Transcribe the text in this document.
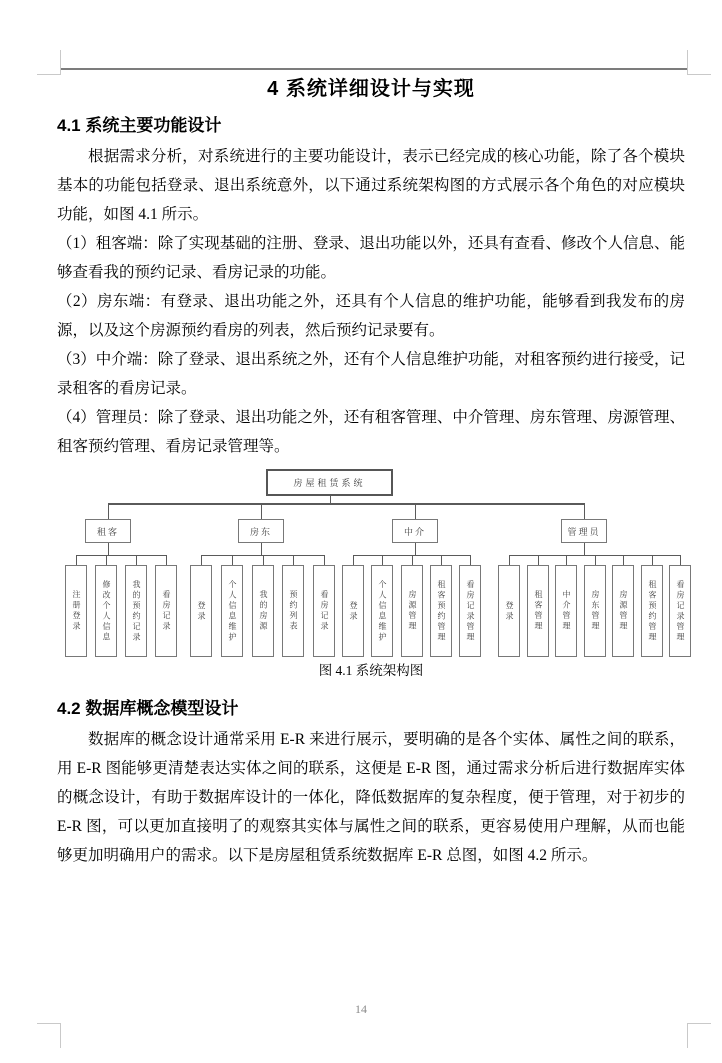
4 系统详细设计与实现
4.1 系统主要功能设计

根据需求分析，对系统进行的主要功能设计，表示已经完成的核心功能，除了各个模块基本的功能包括登录、退出系统意外，以下通过系统架构图的方式展示各个角色的对应模块功能，如图 4.1 所示。

（1）租客端：除了实现基础的注册、登录、退出功能以外，还具有查看、修改个人信息、能够查看我的预约记录、看房记录的功能。

（2）房东端：有登录、退出功能之外，还具有个人信息的维护功能，能够看到我发布的房源，以及这个房源预约看房的列表，然后预约记录要有。

（3）中介端：除了登录、退出系统之外，还有个人信息维护功能，对租客预约进行接受，记录租客的看房记录。

（4）管理员：除了登录、退出功能之外，还有租客管理、中介管理、房东管理、房源管理、租客预约管理、看房记录管理等。

房屋租赁系统
租客
注册登录	修改个人信息	我的预约记录	看房记录
房东
登录	个人信息维护	我的房源	预约列表	看房记录
中介
登录	个人信息维护	房源管理	租客预约管理	看房记录管理
管理员
登录	租客管理 中介管理	房东管理 房源管理	租客预约管理 看房记录管理
图 4.1 系统架构图
4.2 数据库概念模型设计

数据库的概念设计通常采用 E-R 来进行展示，要明确的是各个实体、属性之间的联系，用 E-R 图能够更清楚表达实体之间的联系，这便是 E-R 图，通过需求分析后进行数据库实体的概念设计，有助于数据库设计的一体化，降低数据库的复杂程度，便于管理，对于初步的 E-R 图，可以更加直接明了的观察其实体与属性之间的联系，更容易使用户理解，从而也能够更加明确用户的需求。以下是房屋租赁系统数据库 E-R 总图，如图 4.2 所示。

14
